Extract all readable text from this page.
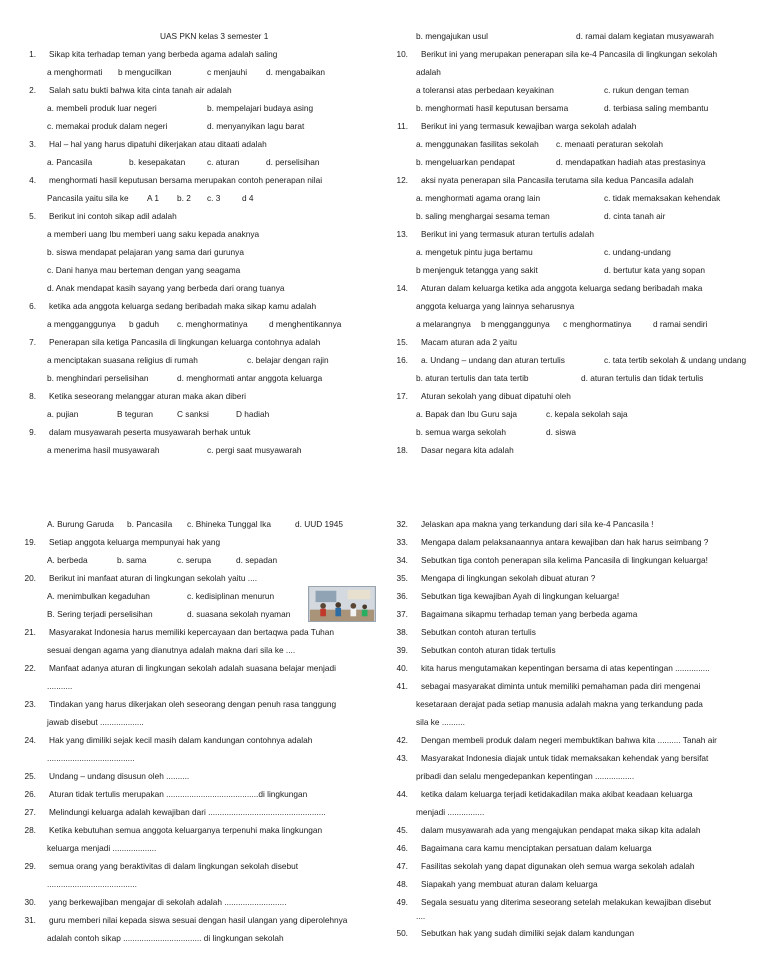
UAS PKN kelas 3 semester 1
1. Sikap kita terhadap teman yang berbeda agama adalah saling
a menghormati b mengucilkan	c menjauhi d. mengabaikan
2. Salah satu bukti bahwa kita cinta tanah air adalah
a. membeli produk luar negeri	b. mempelajari budaya asing
c. memakai produk dalam negeri	d. menyanyikan lagu barat
3. Hal – hal yang harus dipatuhi dikerjakan atau ditaati adalah
a. Pancasila	b. kesepakatan	c. aturan	d. perselisihan
4. menghormati hasil keputusan bersama merupakan contoh penerapan nilai
Pancasila yaitu sila ke A 1 b. 2 c. 3	d 4
5. Berikut ini contoh sikap adil adalah
a memberi uang Ibu memberi uang saku kepada anaknya
b. siswa mendapat pelajaran yang sama dari gurunya
c. Dani hanya mau berteman dengan yang seagama
d. Anak mendapat kasih sayang yang berbeda dari orang tuanya
6. ketika ada anggota keluarga sedang beribadah maka sikap kamu adalah
a mengganggunya b gaduh c. menghormatinya	d menghentikannya
7. Penerapan sila ketiga Pancasila di lingkungan keluarga contohnya adalah
a menciptakan suasana religius di rumah	c. belajar dengan rajin
b. menghindari perselisihan	d. menghormati antar anggota keluarga
8. Ketika seseorang melanggar aturan maka akan diberi
a. pujian	B teguran	C sanksi	D hadiah
9. dalam musyawarah peserta musyawarah berhak untuk
a menerima hasil musyawarah	c. pergi saat musyawarah
b. mengajukan usul	d. ramai dalam kegiatan musyawarah
10. Berikut ini yang merupakan penerapan sila ke-4 Pancasila di lingkungan sekolah
adalah
a toleransi atas perbedaan keyakinan	c. rukun dengan teman
b. menghormati hasil keputusan bersama	d. terbiasa saling membantu
11. Berikut ini yang termasuk kewajiban warga sekolah adalah
a. menggunakan fasilitas sekolah c. menaati peraturan sekolah
b. mengeluarkan pendapat	d. mendapatkan hadiah atas prestasinya
12. aksi nyata penerapan sila Pancasila terutama sila kedua Pancasila adalah
a. menghormati agama orang lain	c. tidak memaksakan kehendak
b. saling menghargai sesama teman	d. cinta tanah air
13. Berikut ini yang termasuk aturan tertulis adalah
a. mengetuk pintu juga bertamu	c. undang-undang
b menjenguk tetangga yang sakit	d. bertutur kata yang sopan
14. Aturan dalam keluarga ketika ada anggota keluarga sedang beribadah maka
anggota keluarga yang lainnya seharusnya
a melarangnya b mengganggunya c menghormatinya	d ramai sendiri
15. Macam aturan ada 2 yaitu
16. a. Undang – undang dan aturan tertulis	c. tata tertib sekolah & undang undang
b. aturan tertulis dan tata tertib	d. aturan tertulis dan tidak tertulis
17. Aturan sekolah yang dibuat dipatuhi oleh
a. Bapak dan Ibu Guru saja	c. kepala sekolah saja
b. semua warga sekolah	d. siswa
18. Dasar negara kita adalah
A. Burung Garuda b. Pancasila c. Bhineka Tunggal Ika	d. UUD 1945
19. Setiap anggota keluarga mempunyai hak yang
A. berbeda	b. sama	c. serupa	d. sepadan
20. Berikut ini manfaat aturan di lingkungan sekolah yaitu ....
A. menimbulkan kegaduhan	c. kedisiplinan menurun
B. Sering terjadi perselisihan	d. suasana sekolah nyaman
21. Masyarakat Indonesia harus memiliki kepercayaan dan bertaqwa pada Tuhan
sesuai dengan agama yang dianutnya adalah makna dari sila ke ....
22. Manfaat adanya aturan di lingkungan sekolah adalah suasana belajar menjadi
...........
23. Tindakan yang harus dikerjakan oleh seseorang dengan penuh rasa tanggung
jawab disebut ...................
24. Hak yang dimiliki sejak kecil masih dalam kandungan contohnya adalah
......................................
25. Undang – undang disusun oleh ..........
26. Aturan tidak tertulis merupakan ........................................di lingkungan
27. Melindungi keluarga adalah kewajiban dari ...................................................
28. Ketika kebutuhan semua anggota keluarganya terpenuhi maka lingkungan
keluarga menjadi ...................
29. semua orang yang beraktivitas di dalam lingkungan sekolah disebut
.......................................
30. yang berkewajiban mengajar di sekolah adalah ...........................
31. guru memberi nilai kepada siswa sesuai dengan hasil ulangan yang diperolehnya
adalah contoh sikap .................................. di lingkungan sekolah
32. Jelaskan apa makna yang terkandung dari sila ke-4 Pancasila !
33. Mengapa dalam pelaksanaannya antara kewajiban dan hak harus seimbang ?
34. Sebutkan tiga contoh penerapan sila kelima Pancasila di lingkungan keluarga!
35. Mengapa di lingkungan sekolah dibuat aturan ?
36. Sebutkan tiga kewajiban Ayah di lingkungan keluarga!
37. Bagaimana sikapmu terhadap teman yang berbeda agama
38. Sebutkan contoh aturan tertulis
39. Sebutkan contoh aturan tidak tertulis
40. kita harus mengutamakan kepentingan bersama di atas kepentingan ...............
41. sebagai masyarakat diminta untuk memiliki pemahaman pada diri mengenai
kesetaraan derajat pada setiap manusia adalah makna yang terkandung pada
sila ke ..........
42. Dengan membeli produk dalam negeri membuktikan bahwa kita .......... Tanah air
43. Masyarakat Indonesia diajak untuk tidak memaksakan kehendak yang bersifat
pribadi dan selalu mengedepankan kepentingan .................
44. ketika dalam keluarga terjadi ketidakadilan maka akibat keadaan keluarga
menjadi ................
45. dalam musyawarah ada yang mengajukan pendapat maka sikap kita adalah
46. Bagaimana cara kamu menciptakan persatuan dalam keluarga
47. Fasilitas sekolah yang dapat digunakan oleh semua warga sekolah adalah
48. Siapakah yang membuat aturan dalam keluarga
49. Segala sesuatu yang diterima seseorang setelah melakukan kewajiban disebut
....
50. Sebutkan hak yang sudah dimiliki sejak dalam kandungan
